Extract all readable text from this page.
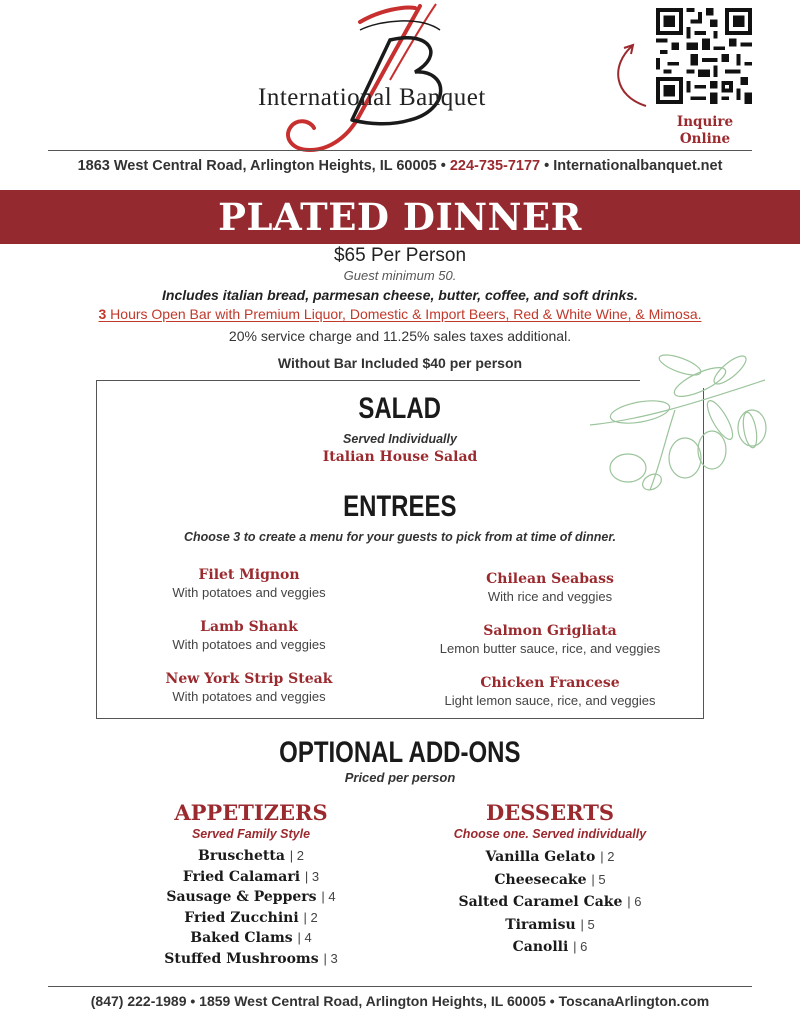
International Banquet
Inquire Online
1863 West Central Road, Arlington Heights, IL 60005 • 224-735-7177 • Internationalbanquet.net
PLATED DINNER
$65 Per Person
Guest minimum 50.
Includes italian bread, parmesan cheese, butter, coffee, and soft drinks.
3 Hours Open Bar with Premium Liquor, Domestic & Import Beers, Red & White Wine, & Mimosa.
20% service charge and 11.25% sales taxes additional.
Without Bar Included $40 per person
SALAD
Served Individually
Italian House Salad
ENTREES
Choose 3 to create a menu for your guests to pick from at time of dinner.
Filet Mignon
With potatoes and veggies
Lamb Shank
With potatoes and veggies
New York Strip Steak
With potatoes and veggies
Chilean Seabass
With rice and veggies
Salmon Grigliata
Lemon butter sauce, rice, and veggies
Chicken Francese
Light lemon sauce, rice, and veggies
OPTIONAL ADD-ONS
Priced per person
APPETIZERS
Served Family Style
Bruschetta | 2
Fried Calamari | 3
Sausage & Peppers | 4
Fried Zucchini | 2
Baked Clams | 4
Stuffed Mushrooms | 3
DESSERTS
Choose one. Served individually
Vanilla Gelato | 2
Cheesecake | 5
Salted Caramel Cake | 6
Tiramisu | 5
Canolli | 6
(847) 222-1989 • 1859 West Central Road, Arlington Heights, IL 60005 • ToscanaArlington.com
